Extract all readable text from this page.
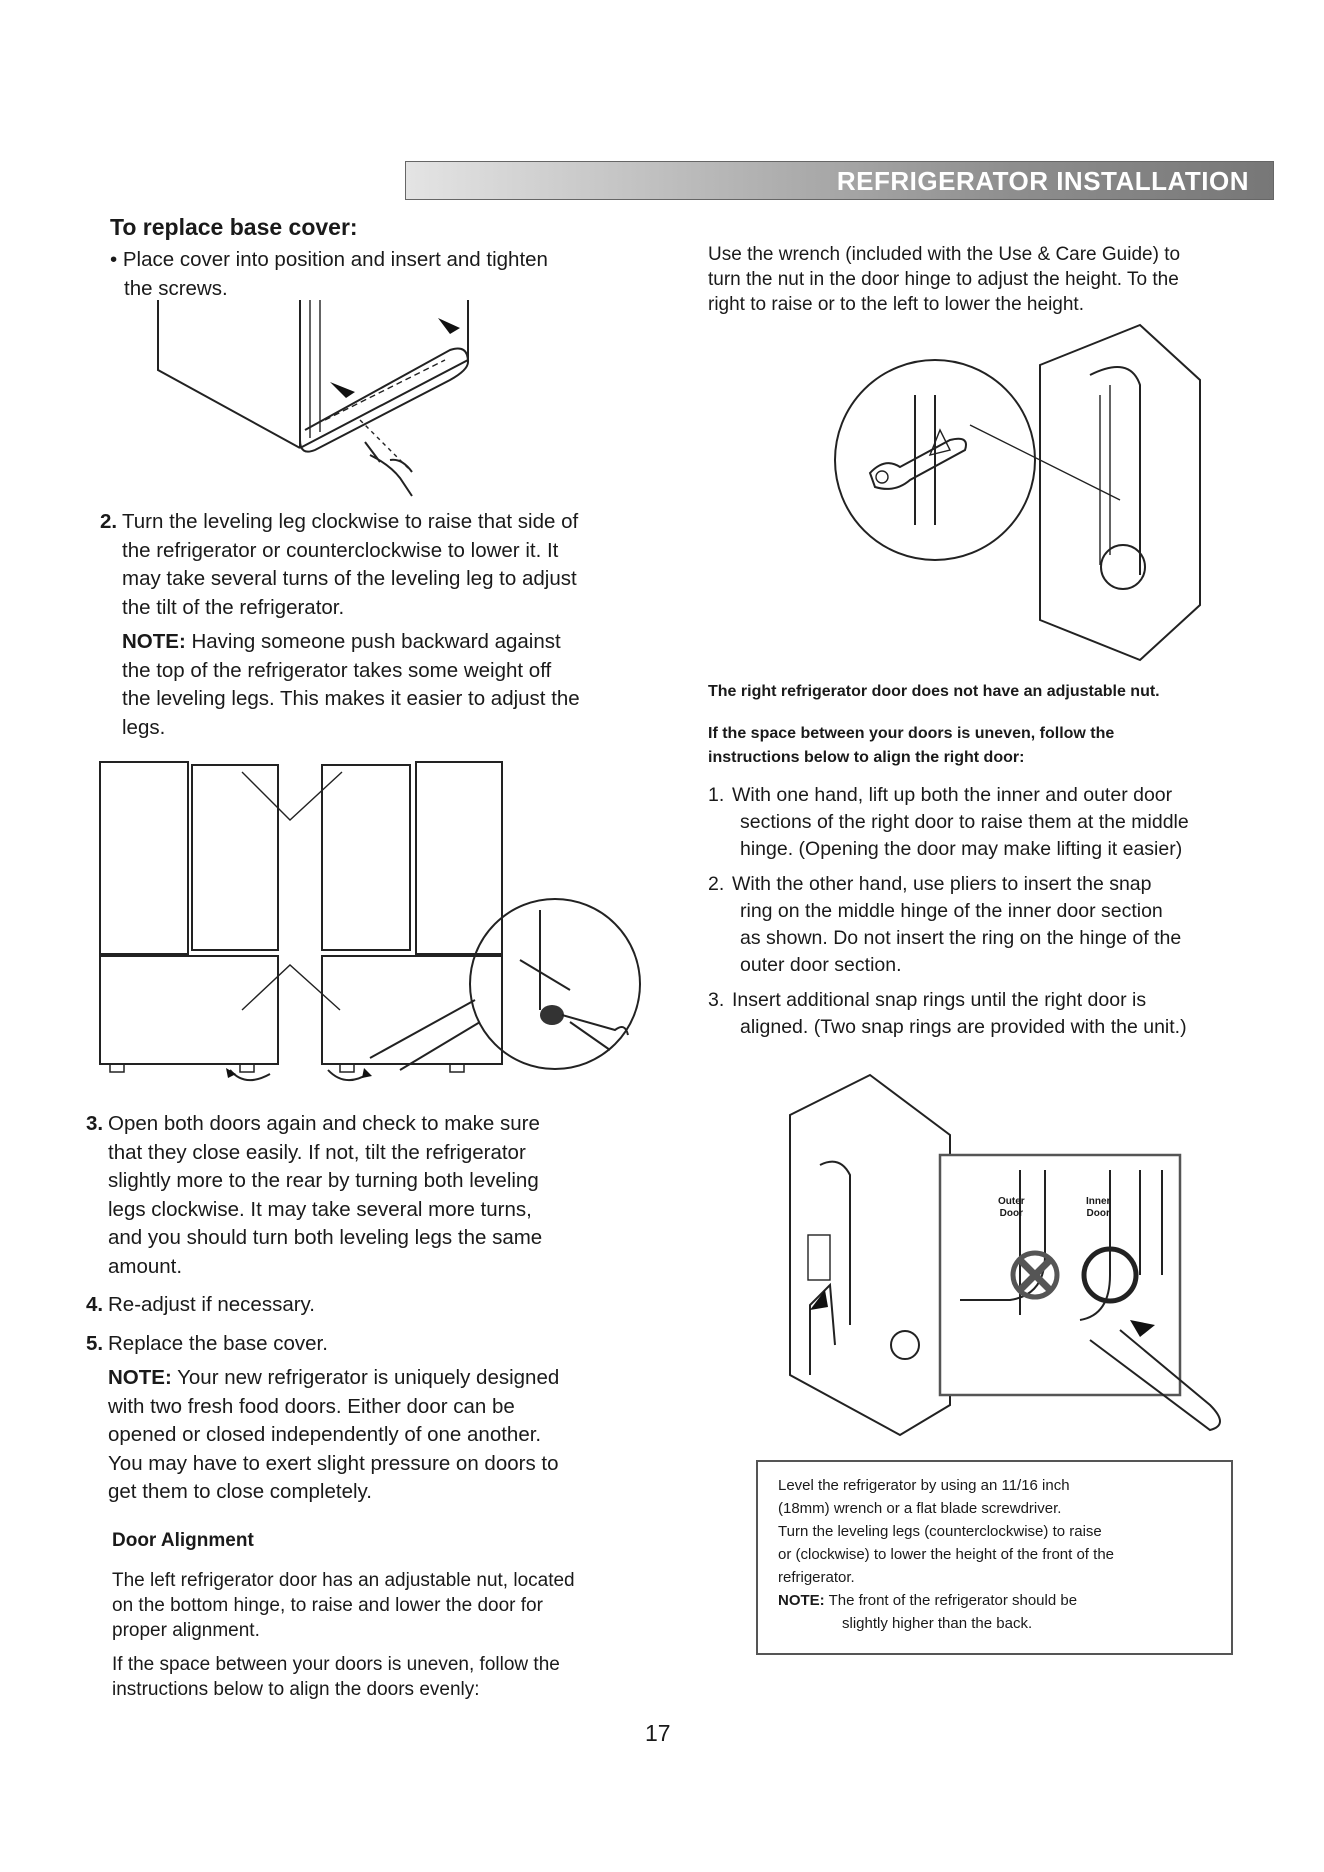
REFRIGERATOR INSTALLATION
To replace base cover:

• Place cover into position and insert and tighten

the screws.

2. Turn the leveling leg clockwise to raise that side of

the refrigerator or counterclockwise to lower it. It

may take several turns of the leveling leg to adjust

the tilt of the refrigerator.

NOTE: Having someone push backward against

the top of the refrigerator takes some weight off

the leveling legs. This makes it easier to adjust the

legs.

3. Open both doors again and check to make sure

that they close easily. If not, tilt the refrigerator

slightly more to the rear by turning both leveling

legs clockwise. It may take several more turns,

and you should turn both leveling legs the same

amount.

4. Re-adjust if necessary.

5. Replace the base cover.

NOTE: Your new refrigerator is uniquely designed

with two fresh food doors. Either door can be

opened or closed independently of one another.

You may have to exert slight pressure on doors to

get them to close completely.

Door Alignment

The left refrigerator door has an adjustable nut, located

on the bottom hinge, to raise and lower the door for

proper alignment.

If the space between your doors is uneven, follow the

instructions below to align the doors evenly:

Use the wrench (included with the Use & Care Guide) to

turn the nut in the door hinge to adjust the height. To the

right to raise or to the left to lower the height.

The right refrigerator door does not have an adjustable nut.

If the space between your doors is uneven, follow the

instructions below to align the right door:

1. With one hand, lift up both the inner and outer door

sections of the right door to raise them at the middle

hinge. (Opening the door may make lifting it easier)

2. With the other hand, use pliers to insert the snap

ring on the middle hinge of the inner door section

as shown. Do not insert the ring on the hinge of the

outer door section.

3. Insert additional snap rings until the right door is

aligned. (Two snap rings are provided with the unit.)

Outer

Door

Inner

Door

Level the refrigerator by using an 11/16 inch

(18mm) wrench or a flat blade screwdriver.

Turn the leveling legs (counterclockwise) to raise

or (clockwise) to lower the height of the front of the

refrigerator.

NOTE: The front of the refrigerator should be

slightly higher than the back.

17
